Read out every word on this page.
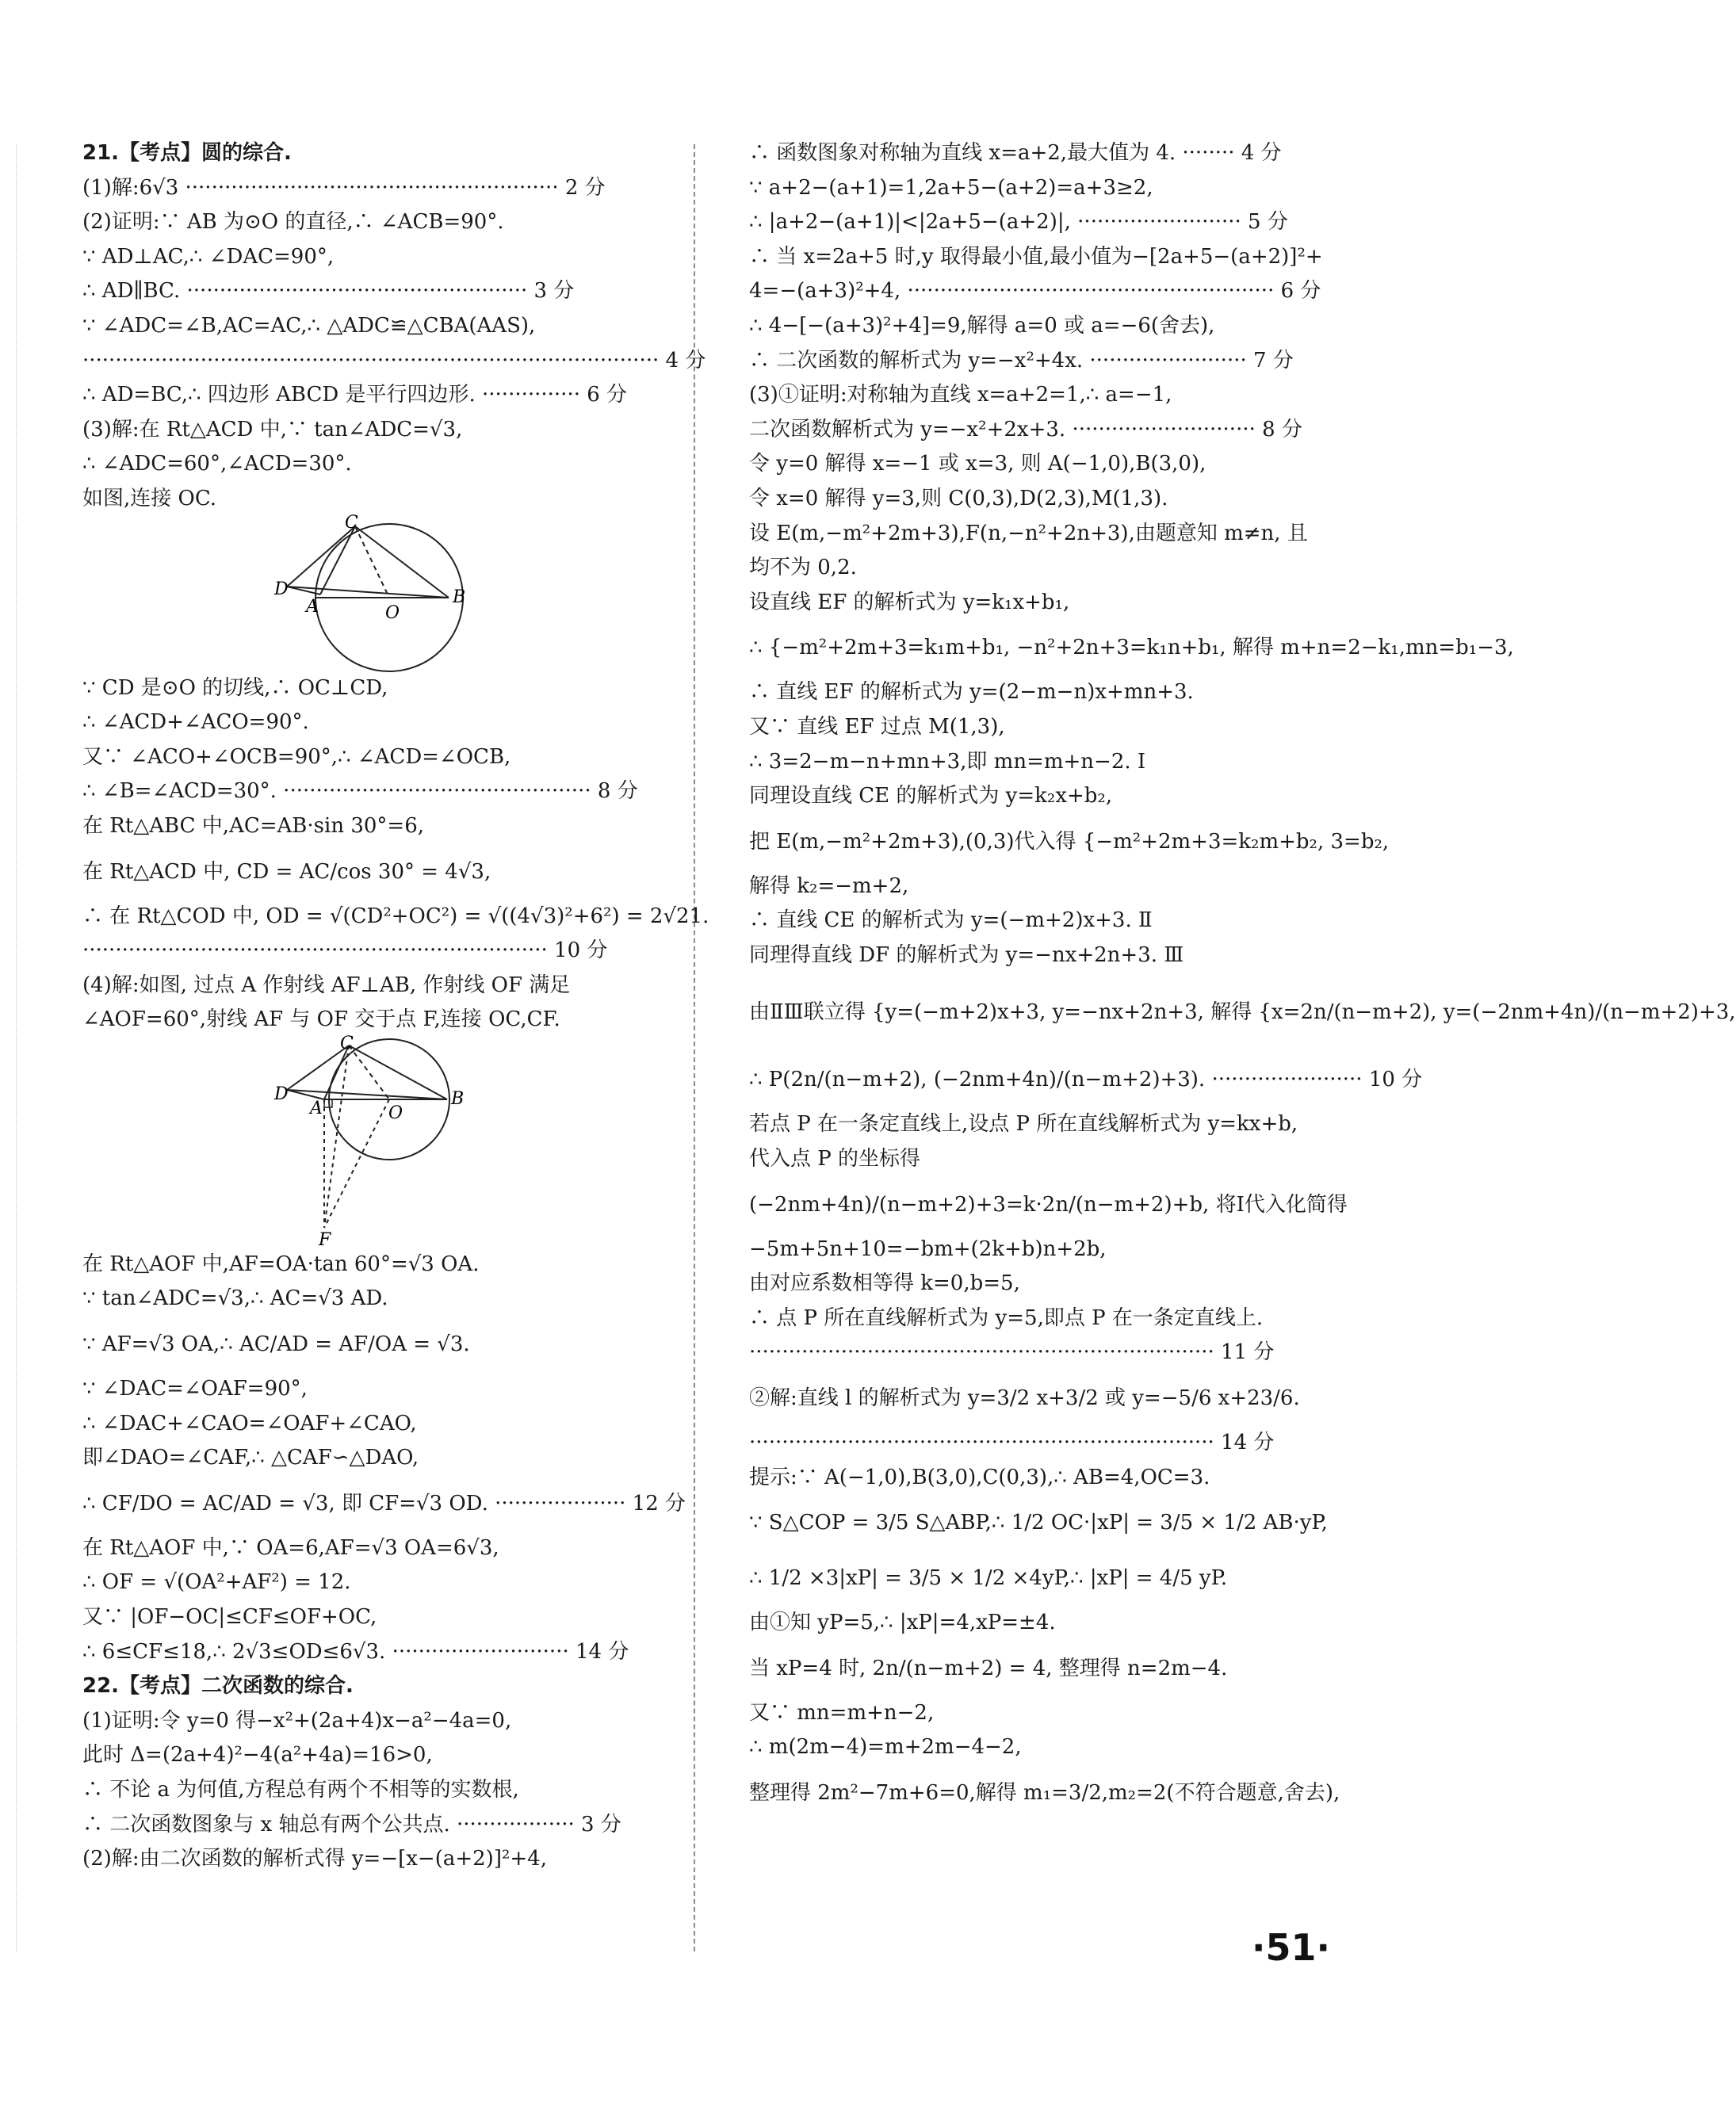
21.【考点】圆的综合.
(1)解:6√3 ························································· 2 分
(2)证明:∵ AB 为⊙O 的直径,∴ ∠ACB=90°.
∵ AD⊥AC,∴ ∠DAC=90°,
∴ AD∥BC. ···················································· 3 分
∵ ∠ADC=∠B,AC=AC,∴ △ADC≌△CBA(AAS),
························································································ 4 分
∴ AD=BC,∴ 四边形 ABCD 是平行四边形. ··············· 6 分
(3)解:在 Rt△ACD 中,∵ tan∠ADC=√3,
∴ ∠ADC=60°,∠ACD=30°.
如图,连接 OC.
C
D
A	O
B
∵ CD 是⊙O 的切线,∴ OC⊥CD,
∴ ∠ACD+∠ACO=90°.
又∵ ∠ACO+∠OCB=90°,∴ ∠ACD=∠OCB,
∴ ∠B=∠ACD=30°. ··············································· 8 分
在 Rt△ABC 中,AC=AB·sin 30°=6,
在 Rt△ACD 中, CD = AC/cos 30° = 4√3,
∴ 在 Rt△COD 中, OD = √(CD²+OC²) = √((4√3)²+6²) = 2√21.
······································································· 10 分
(4)解:如图, 过点 A 作射线 AF⊥AB, 作射线 OF 满足
∠AOF=60°,射线 AF 与 OF 交于点 F,连接 OC,CF.
C
D
A	O
B
F
在 Rt△AOF 中,AF=OA·tan 60°=√3 OA.
∵ tan∠ADC=√3,∴ AC=√3 AD.
∵ AF=√3 OA,∴ AC/AD = AF/OA = √3.
∵ ∠DAC=∠OAF=90°,
∴ ∠DAC+∠CAO=∠OAF+∠CAO,
即∠DAO=∠CAF,∴ △CAF∽△DAO,
∴ CF/DO = AC/AD = √3, 即 CF=√3 OD. ···················· 12 分
在 Rt△AOF 中,∵ OA=6,AF=√3 OA=6√3,
∴ OF = √(OA²+AF²) = 12.
又∵ |OF−OC|≤CF≤OF+OC,
∴ 6≤CF≤18,∴ 2√3≤OD≤6√3. ··························· 14 分
22.【考点】二次函数的综合.
(1)证明:令 y=0 得−x²+(2a+4)x−a²−4a=0,
此时 Δ=(2a+4)²−4(a²+4a)=16>0,
∴ 不论 a 为何值,方程总有两个不相等的实数根,
∴ 二次函数图象与 x 轴总有两个公共点. ·················· 3 分
(2)解:由二次函数的解析式得 y=−[x−(a+2)]²+4,
∴ 函数图象对称轴为直线 x=a+2,最大值为 4. ········ 4 分
∵ a+2−(a+1)=1,2a+5−(a+2)=a+3≥2,
∴ |a+2−(a+1)|<|2a+5−(a+2)|, ························· 5 分
∴ 当 x=2a+5 时,y 取得最小值,最小值为−[2a+5−(a+2)]²+
4=−(a+3)²+4, ························································ 6 分
∴ 4−[−(a+3)²+4]=9,解得 a=0 或 a=−6(舍去),
∴ 二次函数的解析式为 y=−x²+4x. ························ 7 分
(3)①证明:对称轴为直线 x=a+2=1,∴ a=−1,
二次函数解析式为 y=−x²+2x+3. ···························· 8 分
令 y=0 解得 x=−1 或 x=3, 则 A(−1,0),B(3,0),
令 x=0 解得 y=3,则 C(0,3),D(2,3),M(1,3).
设 E(m,−m²+2m+3),F(n,−n²+2n+3),由题意知 m≠n, 且
均不为 0,2.
设直线 EF 的解析式为 y=k₁x+b₁,
∴ {−m²+2m+3=k₁m+b₁, −n²+2n+3=k₁n+b₁, 解得 m+n=2−k₁,mn=b₁−3,
∴ 直线 EF 的解析式为 y=(2−m−n)x+mn+3.
又∵ 直线 EF 过点 M(1,3),
∴ 3=2−m−n+mn+3,即 mn=m+n−2. Ⅰ
同理设直线 CE 的解析式为 y=k₂x+b₂,
把 E(m,−m²+2m+3),(0,3)代入得 {−m²+2m+3=k₂m+b₂, 3=b₂,
解得 k₂=−m+2,
∴ 直线 CE 的解析式为 y=(−m+2)x+3. Ⅱ
同理得直线 DF 的解析式为 y=−nx+2n+3. Ⅲ
由ⅡⅢ联立得 {y=(−m+2)x+3, y=−nx+2n+3, 解得 {x=2n/(n−m+2), y=(−2nm+4n)/(n−m+2)+3,
∴ P(2n/(n−m+2), (−2nm+4n)/(n−m+2)+3). ······················· 10 分
若点 P 在一条定直线上,设点 P 所在直线解析式为 y=kx+b,
代入点 P 的坐标得
(−2nm+4n)/(n−m+2)+3=k·2n/(n−m+2)+b, 将Ⅰ代入化简得
−5m+5n+10=−bm+(2k+b)n+2b,
由对应系数相等得 k=0,b=5,
∴ 点 P 所在直线解析式为 y=5,即点 P 在一条定直线上.
······································································· 11 分
②解:直线 l 的解析式为 y=3/2 x+3/2 或 y=−5/6 x+23/6.
······································································· 14 分
提示:∵ A(−1,0),B(3,0),C(0,3),∴ AB=4,OC=3.
∵ S△COP = 3/5 S△ABP,∴ 1/2 OC·|xP| = 3/5 × 1/2 AB·yP,
∴ 1/2 ×3|xP| = 3/5 × 1/2 ×4yP,∴ |xP| = 4/5 yP.
由①知 yP=5,∴ |xP|=4,xP=±4.
当 xP=4 时, 2n/(n−m+2) = 4, 整理得 n=2m−4.
又∵ mn=m+n−2,
∴ m(2m−4)=m+2m−4−2,
整理得 2m²−7m+6=0,解得 m₁=3/2,m₂=2(不符合题意,舍去),
·51·
